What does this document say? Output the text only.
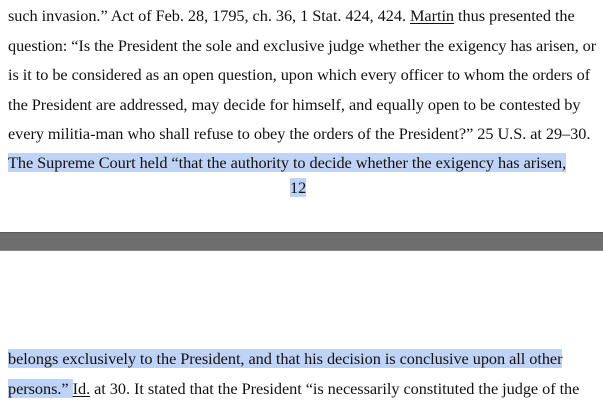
such invasion.” Act of Feb. 28, 1795, ch. 36, 1 Stat. 424, 424. Martin thus presented the
question: “Is the President the sole and exclusive judge whether the exigency has arisen, or
is it to be considered as an open question, upon which every officer to whom the orders of
the President are addressed, may decide for himself, and equally open to be contested by
every militia-man who shall refuse to obey the orders of the President?” 25 U.S. at 29–30.
The Supreme Court held “that the authority to decide whether the exigency has arisen,
12
belongs exclusively to the President, and that his decision is conclusive upon all other
persons.” Id. at 30. It stated that the President “is necessarily constituted the judge of the
